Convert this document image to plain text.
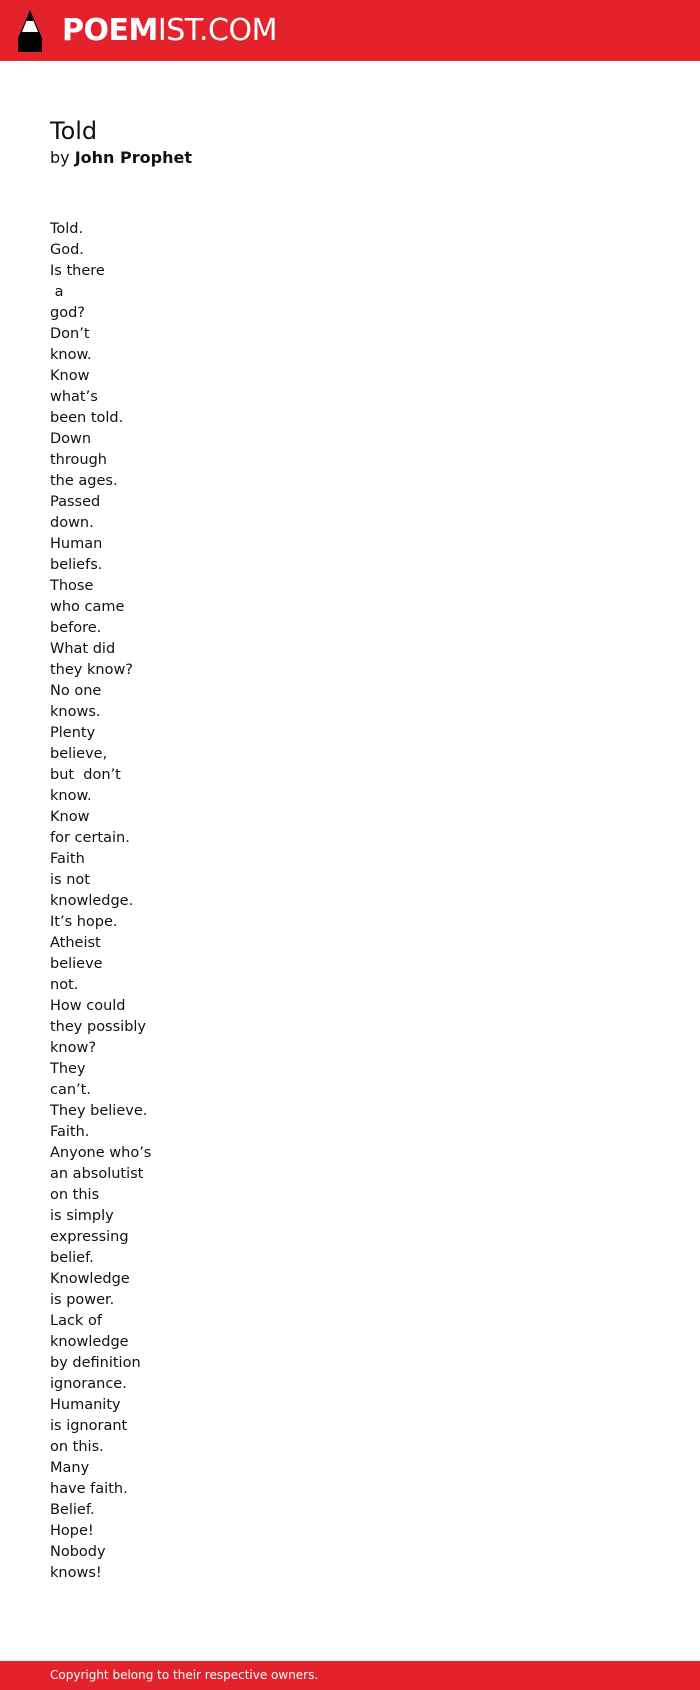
POEMIST.COM
Told

by John Prophet

Told.
God.
Is there
a
god?
Don’t
know.
Know
what’s
been told.
Down
through
the ages.
Passed
down.
Human
beliefs.
Those
who came
before.
What did
they know?
No one
knows.
Plenty
believe,
but  don’t
know.
Know
for certain.
Faith
is not
knowledge.
It’s hope.
Atheist
believe
not.
How could
they possibly
know?
They
can’t.
They believe.
Faith.
Anyone who’s
an absolutist
on this
is simply
expressing
belief.
Knowledge
is power.
Lack of
knowledge
by definition
ignorance.
Humanity
is ignorant
on this.
Many
have faith.
Belief.
Hope!
Nobody
knows!
Copyright belong to their respective owners.
